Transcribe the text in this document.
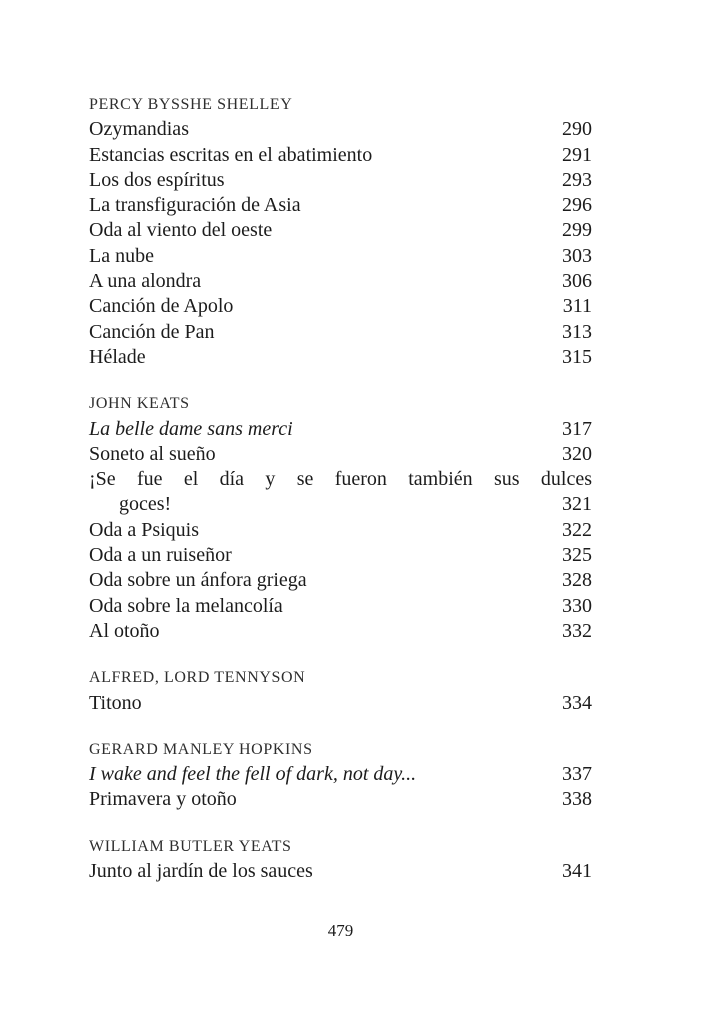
PERCY BYSSHE SHELLEY
Ozymandias	290
Estancias escritas en el abatimiento	291
Los dos espíritus	293
La transfiguración de Asia	296
Oda al viento del oeste	299
La nube	303
A una alondra	306
Canción de Apolo	311
Canción de Pan	313
Hélade	315
JOHN KEATS
La belle dame sans merci	317
Soneto al sueño	320
¡Se fue el día y se fueron también sus dulces
goces!	321
Oda a Psiquis	322
Oda a un ruiseñor	325
Oda sobre un ánfora griega	328
Oda sobre la melancolía	330
Al otoño	332
ALFRED, LORD TENNYSON
Titono	334
GERARD MANLEY HOPKINS
I wake and feel the fell of dark, not day...	337
Primavera y otoño	338
WILLIAM BUTLER YEATS
Junto al jardín de los sauces	341
479
